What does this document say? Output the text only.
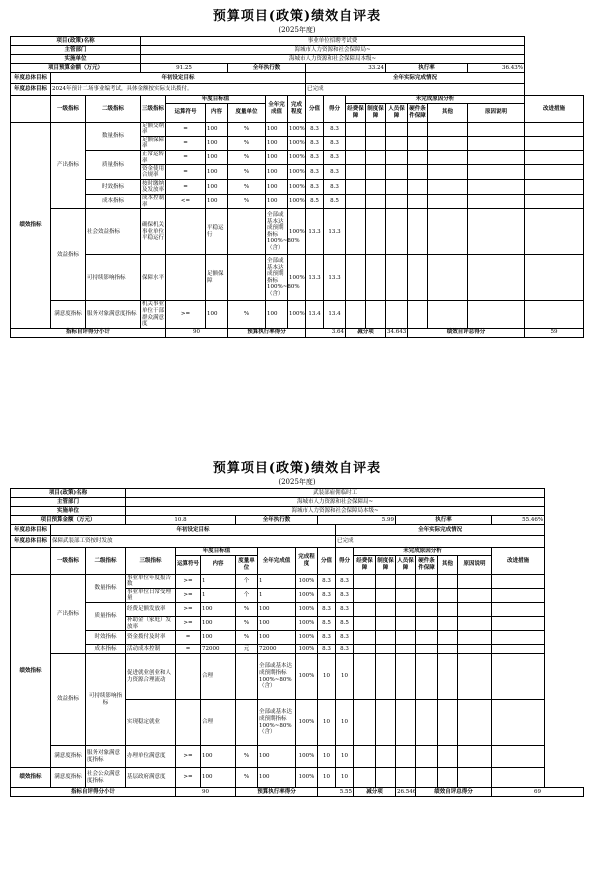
预算项目(政策)绩效自评表
(2025年度)
项目(政策)名称			事业单位招聘考试费														
主管部门			海城市人力资源和社会保障局~														
实施单位			海城市人力资源和社会保障局本级~														
项目预算金额（万元）			91.25			全年执行数			33.24				执行率			36.43%	
年度总体目标	年初设定目标								全年实际完成情况								
年度总体目标	2024年预计二场事业编考试，具体金额按实际支出拨付。								已完成								
	一级指标	二级指标	三级指标	年度目标值			全年完成值	完成程度	分值	得分	未完成原因分析						改进措施
				运算符号	内容	度量单位					经费保障	制度保障	人员保障	硬件条件保障	其他	原因说明	

绩效指标	产出指标	数量指标	足额交纳率	=	100	%	100	100%	8.3	8.3							
			足额保障率	=	100	%	100	100%	8.3	8.3							
		质量指标	正常运转率	=	100	%	100	100%	8.3	8.3							
			资金使用合规率	=	100	%	100	100%	8.3	8.3							
		时效指标	按时缴纳及发放率	=	100	%	100	100%	8.3	8.3							
		成本指标	成本控制率	<=	100	%	100	100%	8.5	8.5							
	效益指标	社会效益指标	确保机关事业单位平稳运行		平稳运行		全部或基本达成预期指标100%~80%（含）	100%	13.3	13.3							
		可持续影响指标	保障水平		足额保障		全部或基本达成预期指标100%~80%（含）	100%	13.3	13.3							
	满意度指标	服务对象满意度指标	机关事业单位干部群众满意度	>=	100	%	100	100%	13.4	13.4							
指标自评得分小计				90		预算执行率得分			3.64		减分项		34.643	绩效自评总得分			59
预算项目(政策)绩效自评表
(2025年度)
项目(政策)名称			武装部雇佣临时工														
主管部门			海城市人力资源和社会保障局~														
实施单位			海城市人力资源和社会保障局本级~														
项目预算金额（万元）			10.8			全年执行数			5.99				执行率				55.46%
年度总体目标	年初设定目标									全年实际完成情况							
年度总体目标	保障武装部工资按时发放									已完成							
	一级指标	二级指标	三级指标	年度目标值			全年完成值	完成程度	分值	得分	未完成原因分析						改进措施
				运算符号	内容	度量单位					经费保障	制度保障	人员保障	硬件条件保障	其他	原因说明	

绩效指标	产出指标	数量指标	事业单位年度报告数	>=	1	个	1	100%	8.3	8.3							
			事业单位日常受理量	>=	1	个	1	100%	8.3	8.3							
		质量指标	经费足额发放率	>=	100	%	100	100%	8.3	8.3							
			补助金（家庭）发放率	>=	100	%	100	100%	8.5	8.5							
		时效指标	资金拨付及时率	=	100	%	100	100%	8.3	8.3							
		成本指标	活动成本控制	=	72000	元	72000	100%	8.3	8.3							
	效益指标	可持续影响指标	促进就业创业和人力资源合理流动		合理		全部或基本达成预期指标100%~80%（含）	100%	10	10							
			实现稳定就业		合理		全部或基本达成预期指标100%~80%（含）	100%	10	10							
	满意度指标	服务对象满意度指标	办理单位满意度	>=	100	%	100	100%	10	10							
绩效指标	满意度指标	社会公众满意度指标	基层政府满意度	>=	100	%	100	100%	10	10							
指标自评得分小计				90		预算执行率得分			5.55		减分项		26.546	绩效自评总得分			69
